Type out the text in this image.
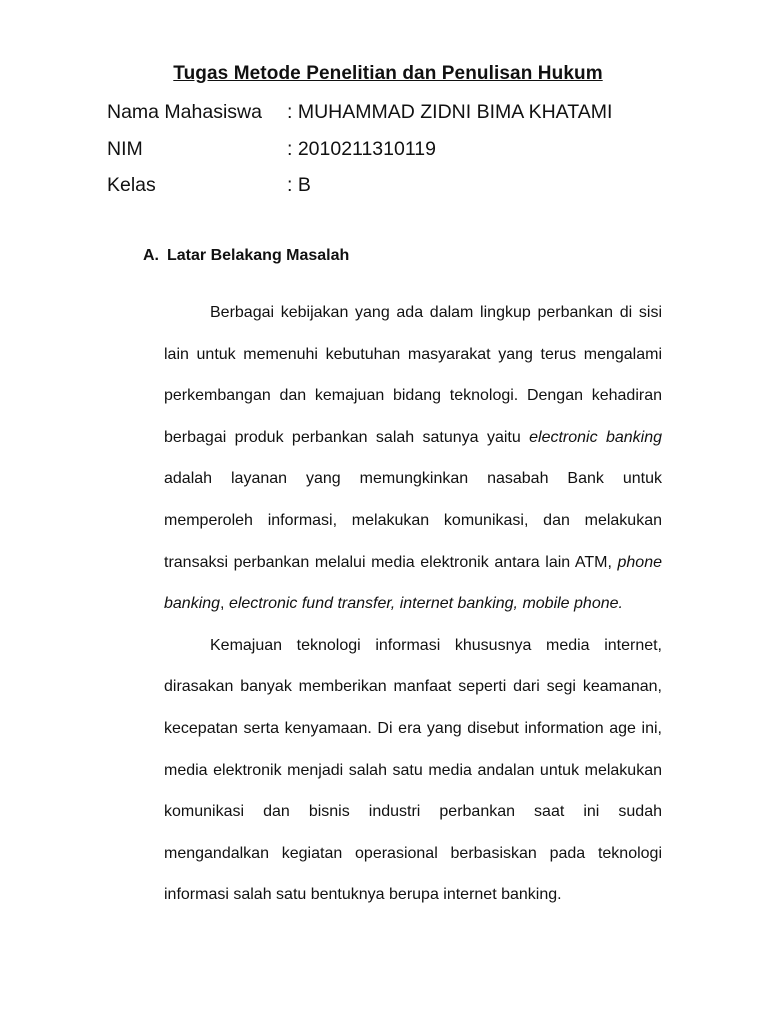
Tugas Metode Penelitian dan Penulisan Hukum
Nama Mahasiswa : MUHAMMAD ZIDNI BIMA KHATAMI
NIM	: 2010211310119
Kelas	: B
A. Latar Belakang Masalah

Berbagai kebijakan yang ada dalam lingkup perbankan di sisi lain untuk memenuhi kebutuhan masyarakat yang terus mengalami perkembangan dan kemajuan bidang teknologi. Dengan kehadiran berbagai produk perbankan salah satunya yaitu electronic banking adalah layanan yang memungkinkan nasabah Bank untuk memperoleh informasi, melakukan komunikasi, dan melakukan transaksi perbankan melalui media elektronik antara lain ATM, phone banking, electronic fund transfer, internet banking, mobile phone.

Kemajuan teknologi informasi khususnya media internet, dirasakan banyak memberikan manfaat seperti dari segi keamanan, kecepatan serta kenyamaan. Di era yang disebut information age ini, media elektronik menjadi salah satu media andalan untuk melakukan komunikasi dan bisnis industri perbankan saat ini sudah mengandalkan kegiatan operasional berbasiskan pada teknologi informasi salah satu bentuknya berupa internet banking.
